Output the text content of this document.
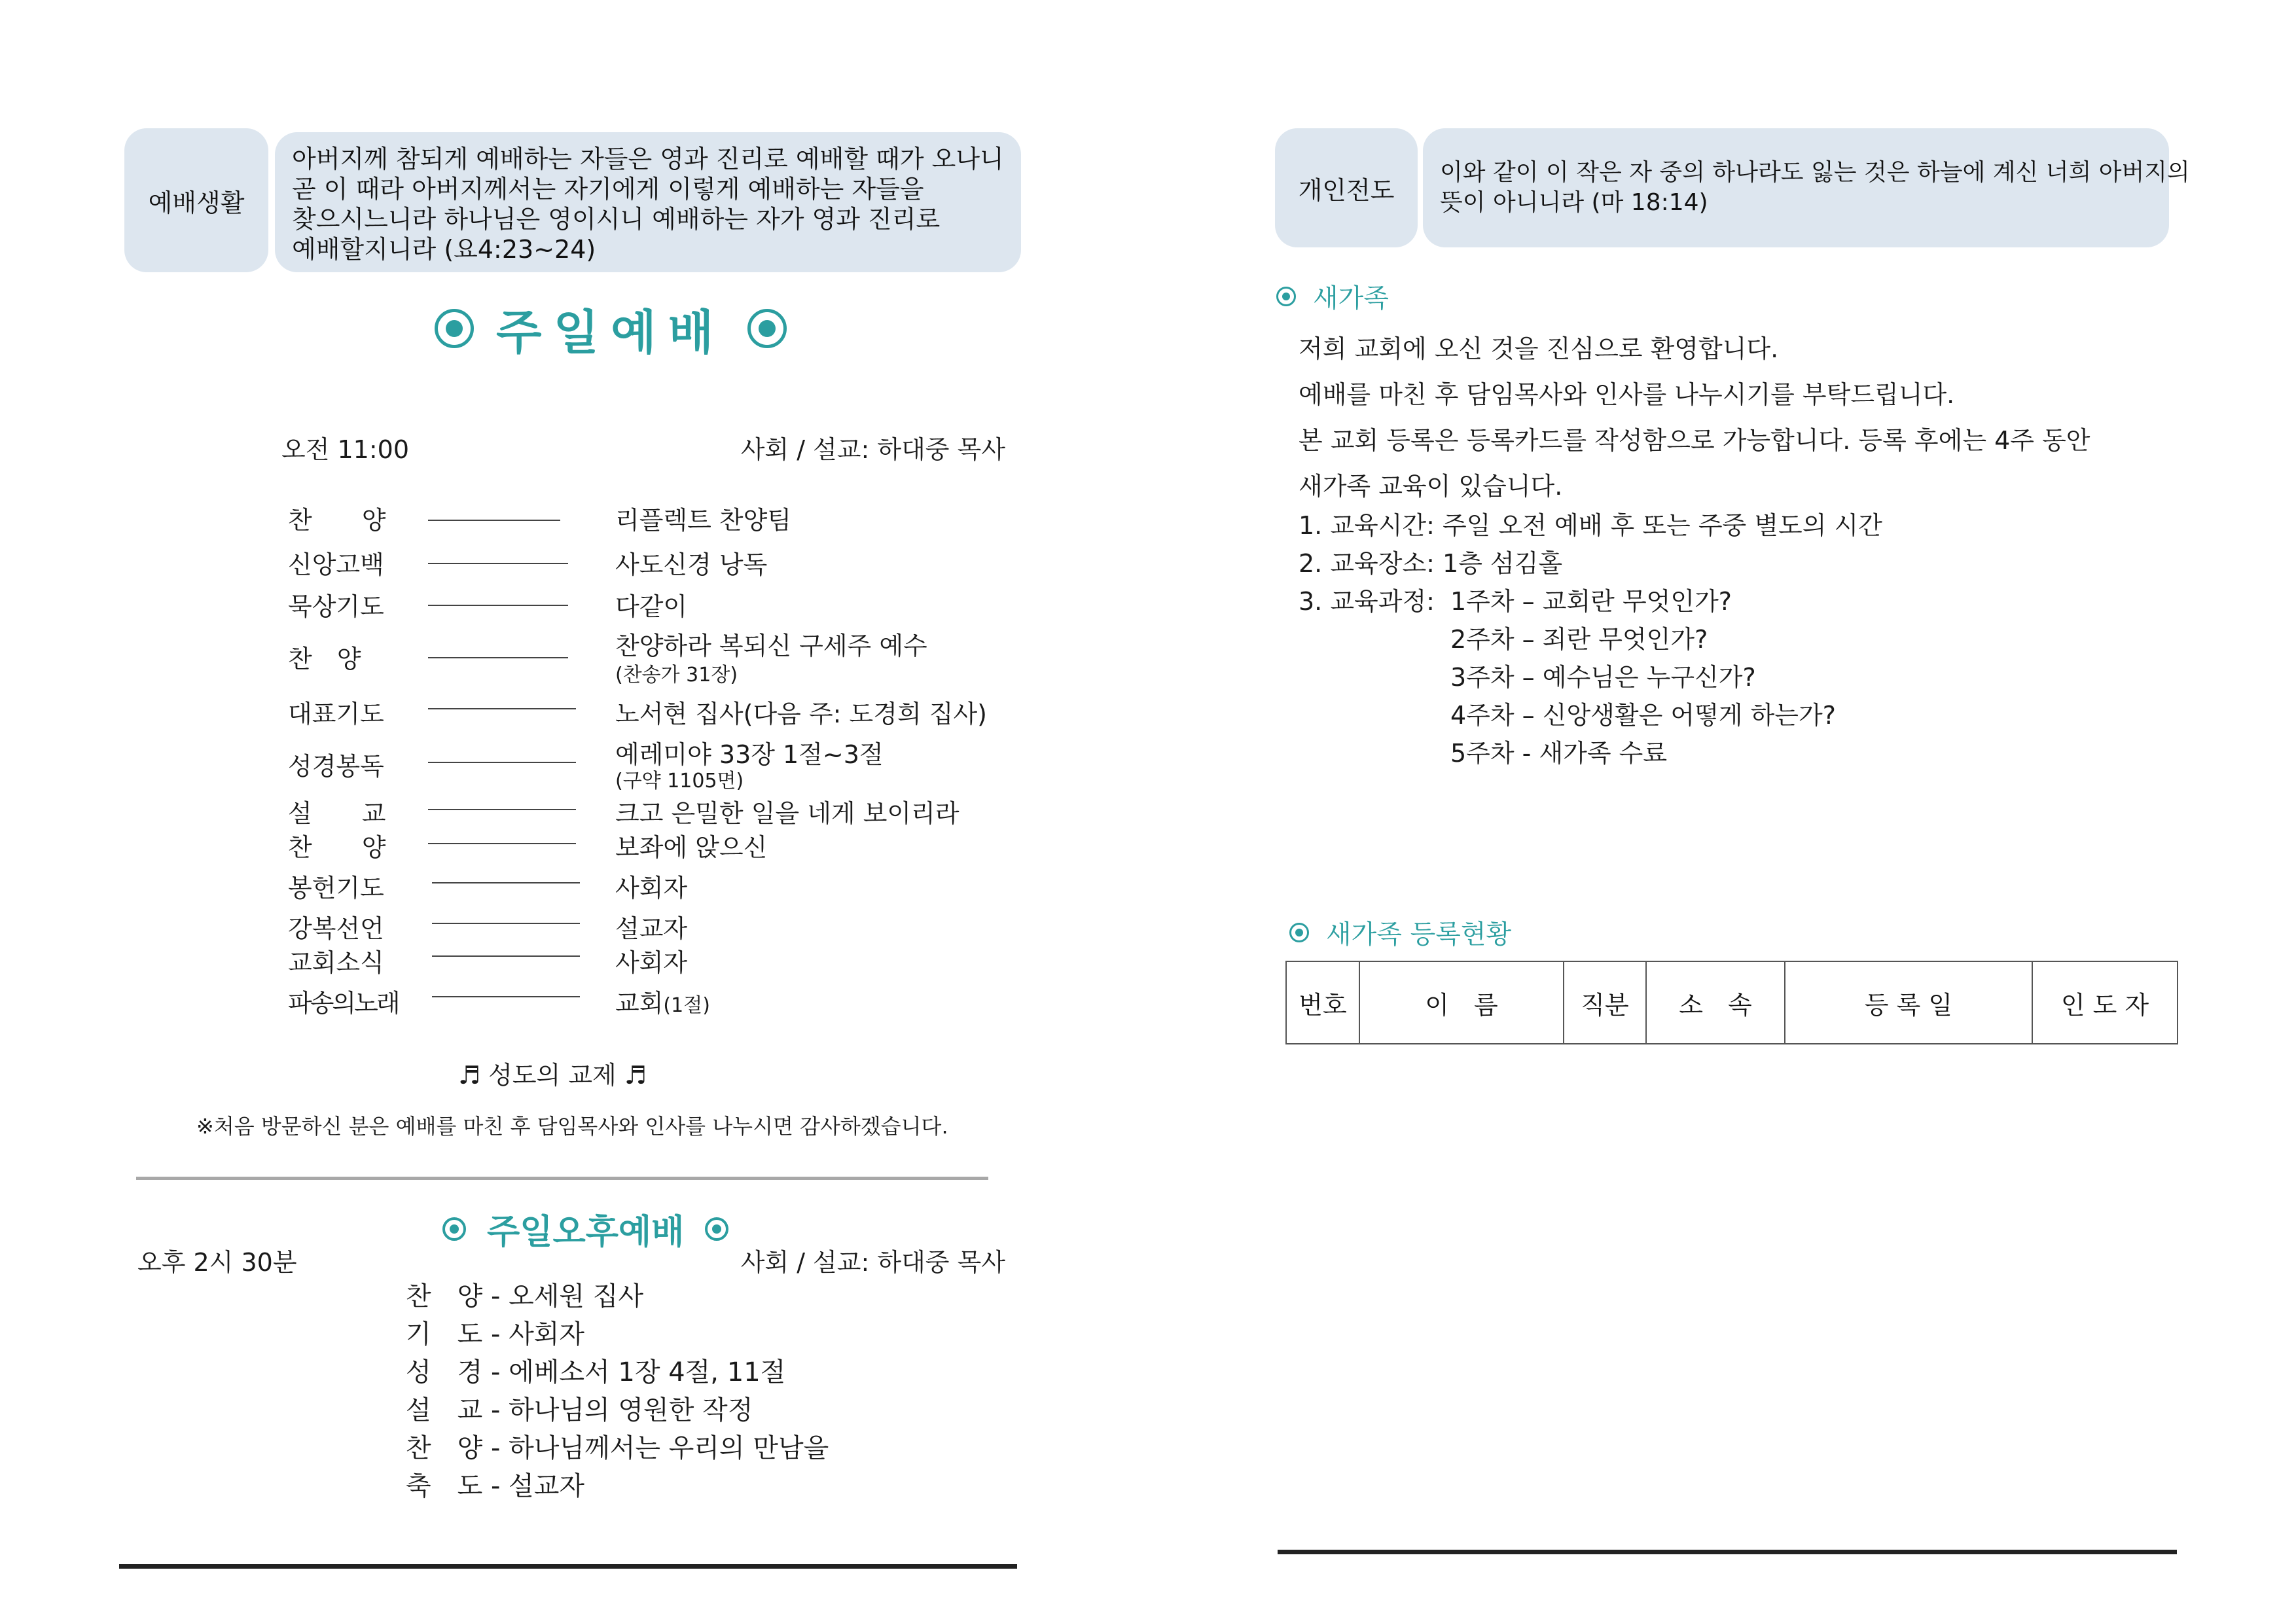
예배생활
아버지께 참되게 예배하는 자들은 영과 진리로 예배할 때가 오나니
곧 이 때라 아버지께서는 자기에게 이렇게 예배하는 자들을
찾으시느니라 하나님은 영이시니 예배하는 자가 영과 진리로
예배할지니라 (요4:23~24)
주일예배
오전 11:00	사회 / 설교: 하대중 목사
찬　　양	리플렉트 찬양팀
신앙고백	사도신경 낭독
묵상기도	다같이
찬　양	찬양하라 복되신 구세주 예수
(찬송가 31장)
대표기도	노서현 집사(다음 주: 도경희 집사)
성경봉독	예레미야 33장 1절~3절
(구약 1105면)
설　　교	크고 은밀한 일을 네게 보이리라
찬　　양	보좌에 앉으신
봉헌기도	사회자
강복선언	설교자
교회소식	사회자
파송의노래	교회(1절)
♬ 성도의 교제 ♬
※처음 방문하신 분은 예배를 마친 후 담임목사와 인사를 나누시면 감사하겠습니다.
주일오후예배
오후 2시 30분	사회 / 설교: 하대중 목사
찬　양 - 오세원 집사
기　도 - 사회자
성　경 - 에베소서 1장 4절, 11절
설　교 - 하나님의 영원한 작정
찬　양 - 하나님께서는 우리의 만남을
축　도 - 설교자
개인전도
이와 같이 이 작은 자 중의 하나라도 잃는 것은 하늘에 계신 너희 아버지의
뜻이 아니니라 (마 18:14)
새가족
저희 교회에 오신 것을 진심으로 환영합니다.
예배를 마친 후 담임목사와 인사를 나누시기를 부탁드립니다.
본 교회 등록은 등록카드를 작성함으로 가능합니다. 등록 후에는 4주 동안
새가족 교육이 있습니다.
1. 교육시간: 주일 오전 예배 후 또는 주중 별도의 시간
2. 교육장소: 1층 섬김홀
3. 교육과정: 1주차 – 교회란 무엇인가?
2주차 – 죄란 무엇인가?
3주차 – 예수님은 누구신가?
4주차 – 신앙생활은 어떻게 하는가?
5주차 - 새가족 수료
새가족 등록현황
번호	이　름	직분	소　속	등 록 일	인 도 자
